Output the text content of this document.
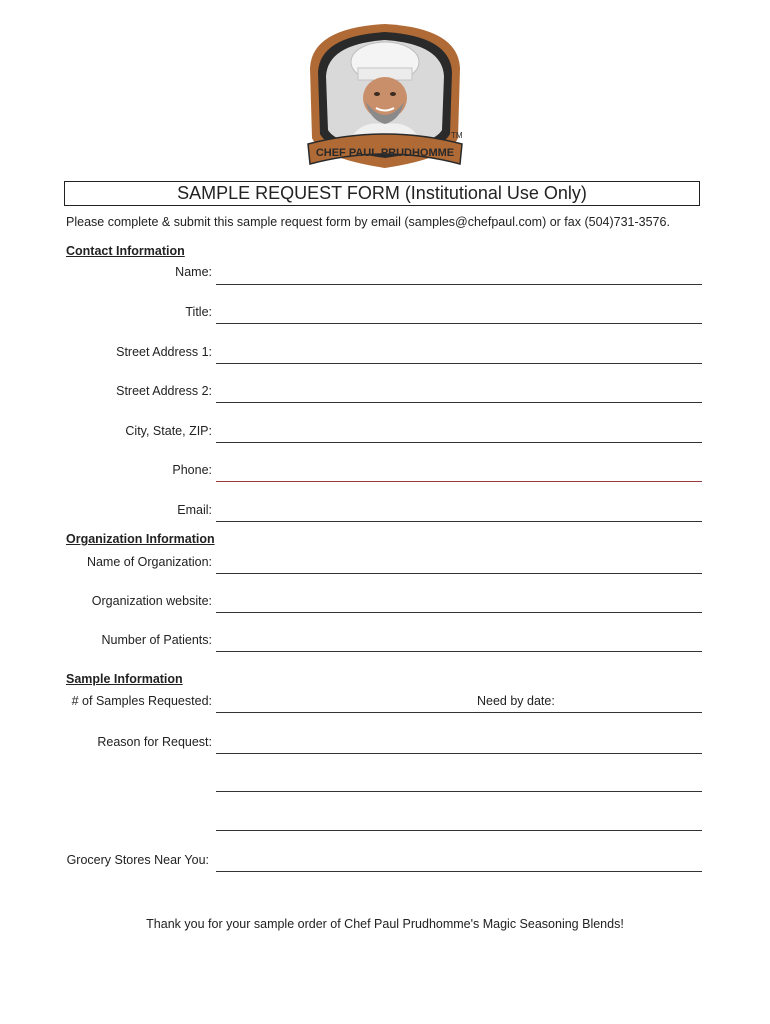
CHEF PAUL PRUDHOMME
TM
SAMPLE REQUEST FORM (Institutional Use Only)
Please complete & submit this sample request form by email (samples@chefpaul.com) or fax (504)731-3576.
Contact Information
Name:
Title:
Street Address 1:
Street Address 2:
City, State, ZIP:
Phone:
Email:
Organization Information
Name of Organization:
Organization website:
Number of Patients:
Sample Information
# of Samples Requested:	Need by date:
Reason for Request:
Grocery Stores Near You:
Thank you for your sample order of Chef Paul Prudhomme's Magic Seasoning Blends!
